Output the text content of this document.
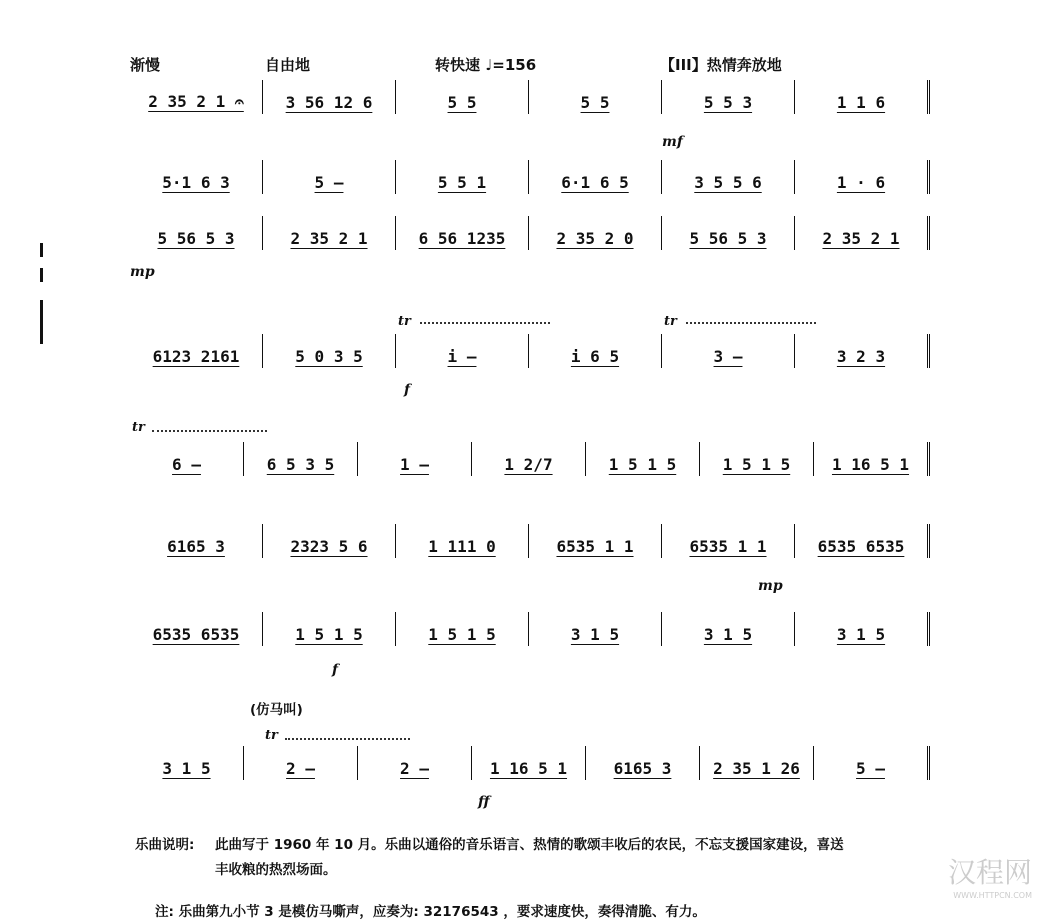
渐慢	自由地	转快速 ♩=156	【III】热情奔放地
2 35 2 1 𝄐	3 56 12 6	5 5	5 5	5 5 3	1 1 6
5·1 6 3	5 –	5 5 1	6·1 6 5	3 5 5 6	1 · 6
5 56 5 3	2 35 2 1	6 56 1235	2 35 2 0	5 56 5 3	2 35 2 1
6123 2161	5 0 3 5	i –	i 6 5	3 –	3 2 3
6 –	6 5 3 5	1 –	1 2/7	1 5 1 5	1 5 1 5	1 16 5 1
6165 3	2323 5 6	1 111 0	6535 1 1	6535 1 1	6535 6535
6535 6535	1 5 1 5	1 5 1 5	3 1 5	3 1 5	3 1 5
3 1 5	2 –	2 –	1 16 5 1	6165 3	2 35 1 26	5 –
mf
mp
tr	tr
f
tr
mp
f
(仿马叫)
tr
ff
乐曲说明: 此曲写于 1960 年 10 月。乐曲以通俗的音乐语言、热情的歌颂丰收后的农民，不忘支援国家建设，喜送
丰收粮的热烈场面。
注: 乐曲第九小节 3 是模仿马嘶声，应奏为: 32176543 ，要求速度快，奏得清脆、有力。
汉程网
WWW.HTTPCN.COM
